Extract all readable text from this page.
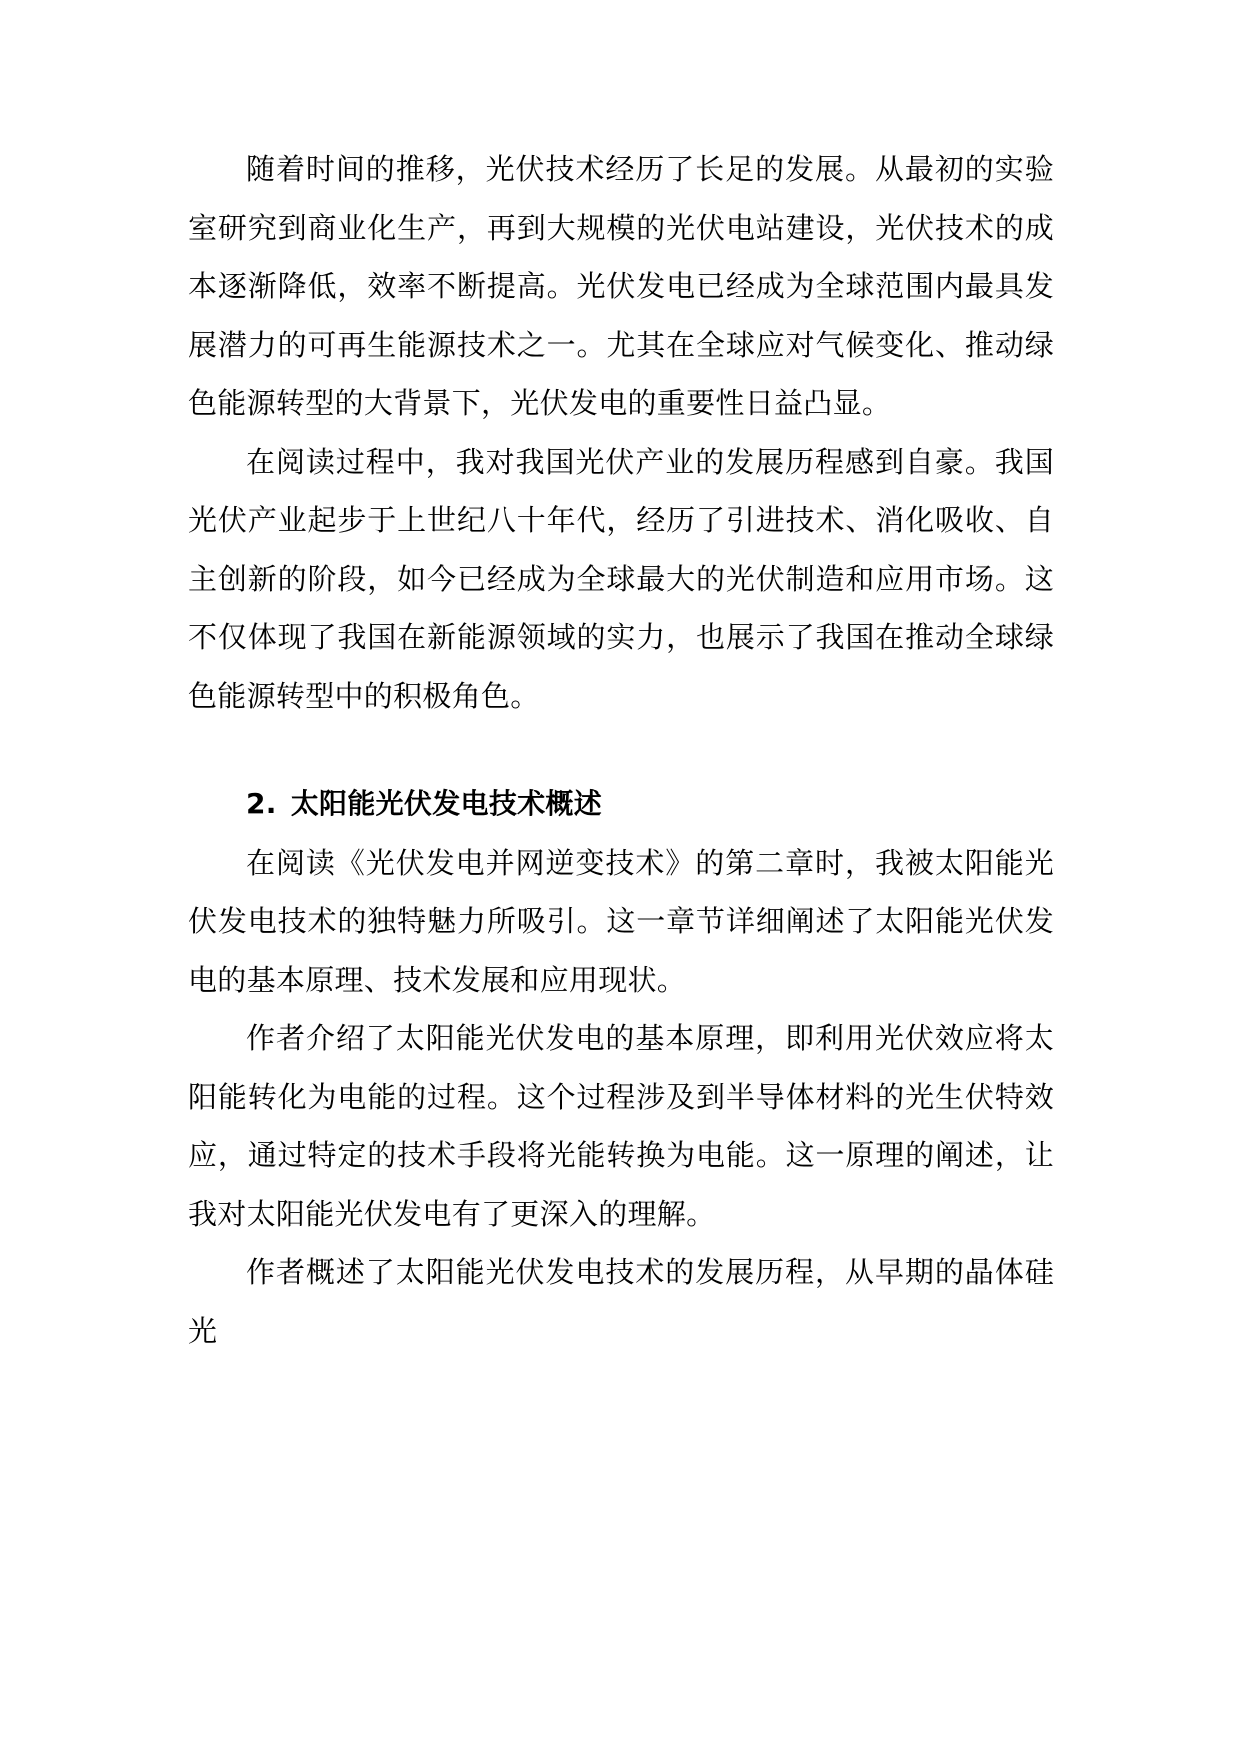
随着时间的推移，光伏技术经历了长足的发展。从最初的实验室研究到商业化生产，再到大规模的光伏电站建设，光伏技术的成本逐渐降低，效率不断提高。光伏发电已经成为全球范围内最具发展潜力的可再生能源技术之一。尤其在全球应对气候变化、推动绿色能源转型的大背景下，光伏发电的重要性日益凸显。

在阅读过程中，我对我国光伏产业的发展历程感到自豪。我国光伏产业起步于上世纪八十年代，经历了引进技术、消化吸收、自主创新的阶段，如今已经成为全球最大的光伏制造和应用市场。这不仅体现了我国在新能源领域的实力，也展示了我国在推动全球绿色能源转型中的积极角色。

2. 太阳能光伏发电技术概述

在阅读《光伏发电并网逆变技术》的第二章时，我被太阳能光伏发电技术的独特魅力所吸引。这一章节详细阐述了太阳能光伏发电的基本原理、技术发展和应用现状。

作者介绍了太阳能光伏发电的基本原理，即利用光伏效应将太阳能转化为电能的过程。这个过程涉及到半导体材料的光生伏特效应，通过特定的技术手段将光能转换为电能。这一原理的阐述，让我对太阳能光伏发电有了更深入的理解。

作者概述了太阳能光伏发电技术的发展历程，从早期的晶体硅光
